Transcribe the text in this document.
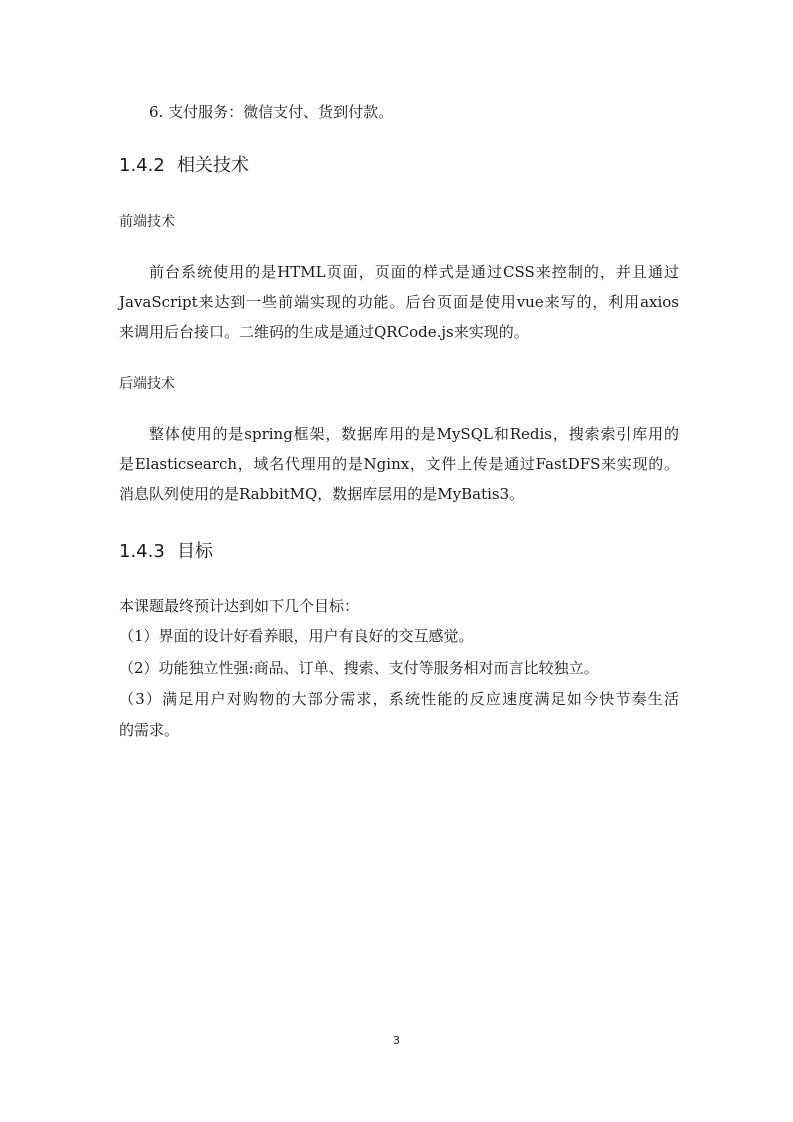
6. 支付服务：微信支付、货到付款。
1.4.2 相关技术
前端技术
前台系统使用的是HTML页面，页面的样式是通过CSS来控制的，并且通过
JavaScript来达到一些前端实现的功能。后台页面是使用vue来写的，利用axios
来调用后台接口。二维码的生成是通过QRCode.js来实现的。
后端技术
整体使用的是spring框架，数据库用的是MySQL和Redis，搜索索引库用的
是Elasticsearch，域名代理用的是Nginx，文件上传是通过FastDFS来实现的。
消息队列使用的是RabbitMQ，数据库层用的是MyBatis3。
1.4.3 目标
本课题最终预计达到如下几个目标：
（1）界面的设计好看养眼，用户有良好的交互感觉。
（2）功能独立性强:商品、订单、搜索、支付等服务相对而言比较独立。
（3）满足用户对购物的大部分需求，系统性能的反应速度满足如今快节奏生活
的需求。
3
